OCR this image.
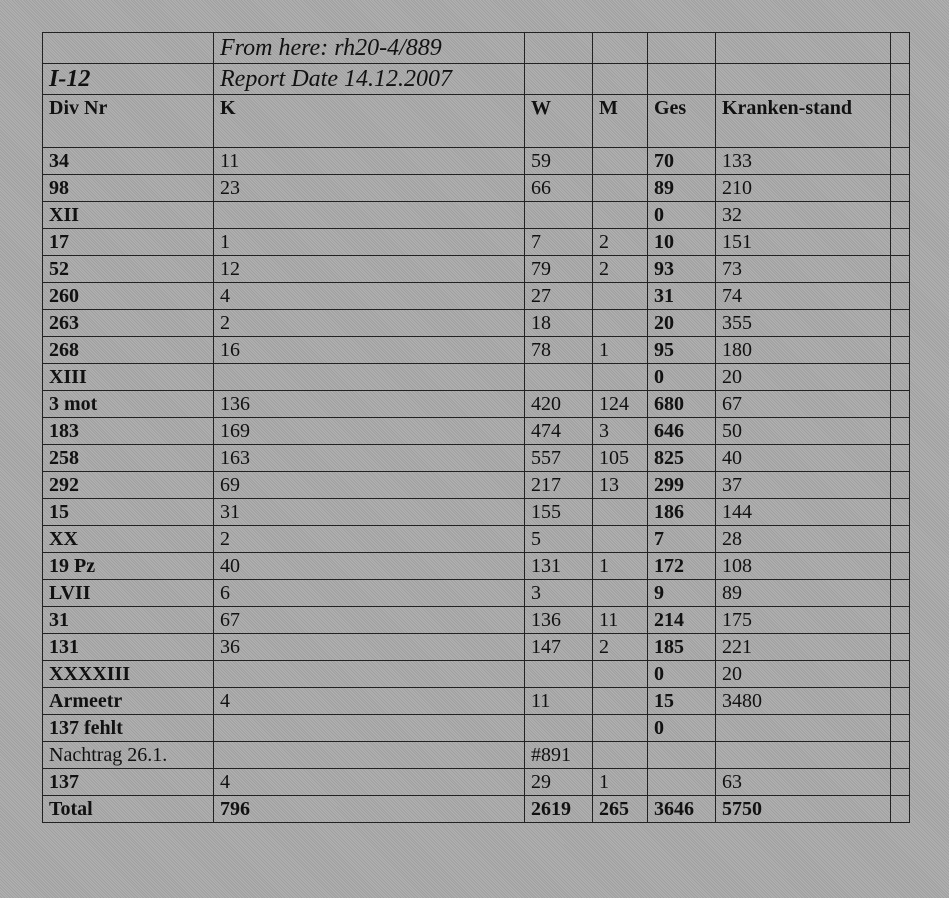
	From here: rh20-4/889					
I-12	Report Date 14.12.2007					
Div Nr	K	W	M	Ges	Kranken-stand	
34	11	59		70	133	
98	23	66		89	210	
XII				0	32	
17	1	7	2	10	151	
52	12	79	2	93	73	
260	4	27		31	74	
263	2	18		20	355	
268	16	78	1	95	180	
XIII				0	20	
3 mot	136	420	124	680	67	
183	169	474	3	646	50	
258	163	557	105	825	40	
292	69	217	13	299	37	
15	31	155		186	144	
XX	2	5		7	28	
19 Pz	40	131	1	172	108	
LVII	6	3		9	89	
31	67	136	11	214	175	
131	36	147	2	185	221	
XXXXIII				0	20	
Armeetr	4	11		15	3480	
137 fehlt				0		
Nachtrag 26.1.		#891				
137	4	29	1		63	
Total	796	2619	265	3646	5750	
